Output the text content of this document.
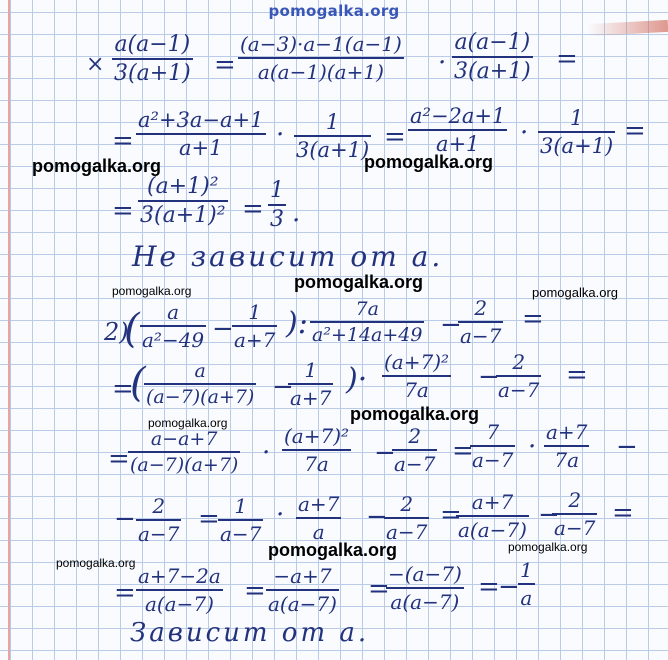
pomogalka.org
×
a(a−1)
3(a+1) =
(a−3)·a−1(a−1)
a(a−1)(a+1) ·
a(a−1)
3(a+1) =
=
a²+3a−a+1
a+1 · 1
3(a+1) =
a²−2a+1
a+1 · 1
3(a+1) =
=
(a+1)²
3(a+1)² =
1
3 .
Не зависит от a.
2)
( a
a²−49 −
1
a+7 ):	7a
a²+14a+49 −
2
a−7
=
=
(	a
(a−7)(a+7) −
1
a+7
)· (a+7)²
7a − 2
a−7 =
=
a−a+7
(a−7)(a+7) ·
(a+7)²
7a −
2
a−7 =
7
a−7 · a+7
7a −
− 2
a−7 = 1
a−7
· a+7
a − 2
a−7
= a+7
a(a−7) − 2
a−7 =
=
a+7−2a
a(a−7) = −a+7
a(a−7) =
−(a−7)
a(a−7) =
−
1
a
Зависит от a.
pomogalka.org	pomogalka.org
pomogalka.org
pomogalka.org	pomogalka.org
pomogalka.org
pomogalka.org
pomogalka.org	pomogalka.org
pomogalka.org
